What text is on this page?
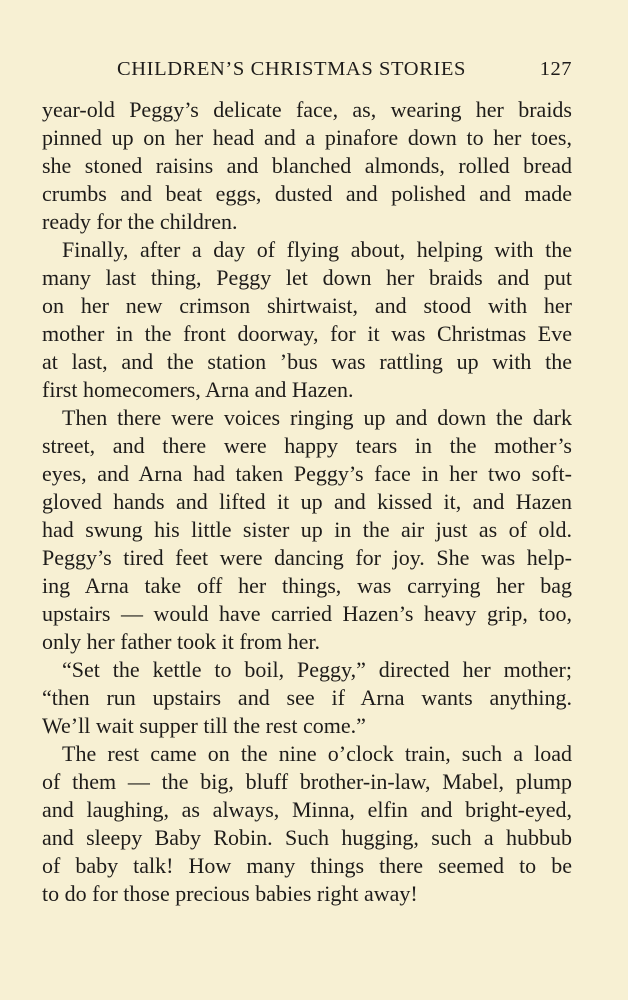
CHILDREN’S CHRISTMAS STORIES	127
year-old Peggy’s delicate face, as, wearing her braids
pinned up on her head and a pinafore down to her toes,
she stoned raisins and blanched almonds, rolled bread
crumbs and beat eggs, dusted and polished and made
ready for the children.
Finally, after a day of flying about, helping with the
many last thing, Peggy let down her braids and put
on her new crimson shirtwaist, and stood with her
mother in the front doorway, for it was Christmas Eve
at last, and the station ’bus was rattling up with the
first homecomers, Arna and Hazen.
Then there were voices ringing up and down the dark
street, and there were happy tears in the mother’s
eyes, and Arna had taken Peggy’s face in her two soft-
gloved hands and lifted it up and kissed it, and Hazen
had swung his little sister up in the air just as of old.
Peggy’s tired feet were dancing for joy. She was help-
ing Arna take off her things, was carrying her bag
upstairs — would have carried Hazen’s heavy grip, too,
only her father took it from her.
“Set the kettle to boil, Peggy,” directed her mother;
“then run upstairs and see if Arna wants anything.
We’ll wait supper till the rest come.”
The rest came on the nine o’clock train, such a load
of them — the big, bluff brother-in-law, Mabel, plump
and laughing, as always, Minna, elfin and bright-eyed,
and sleepy Baby Robin. Such hugging, such a hubbub
of baby talk! How many things there seemed to be
to do for those precious babies right away!
